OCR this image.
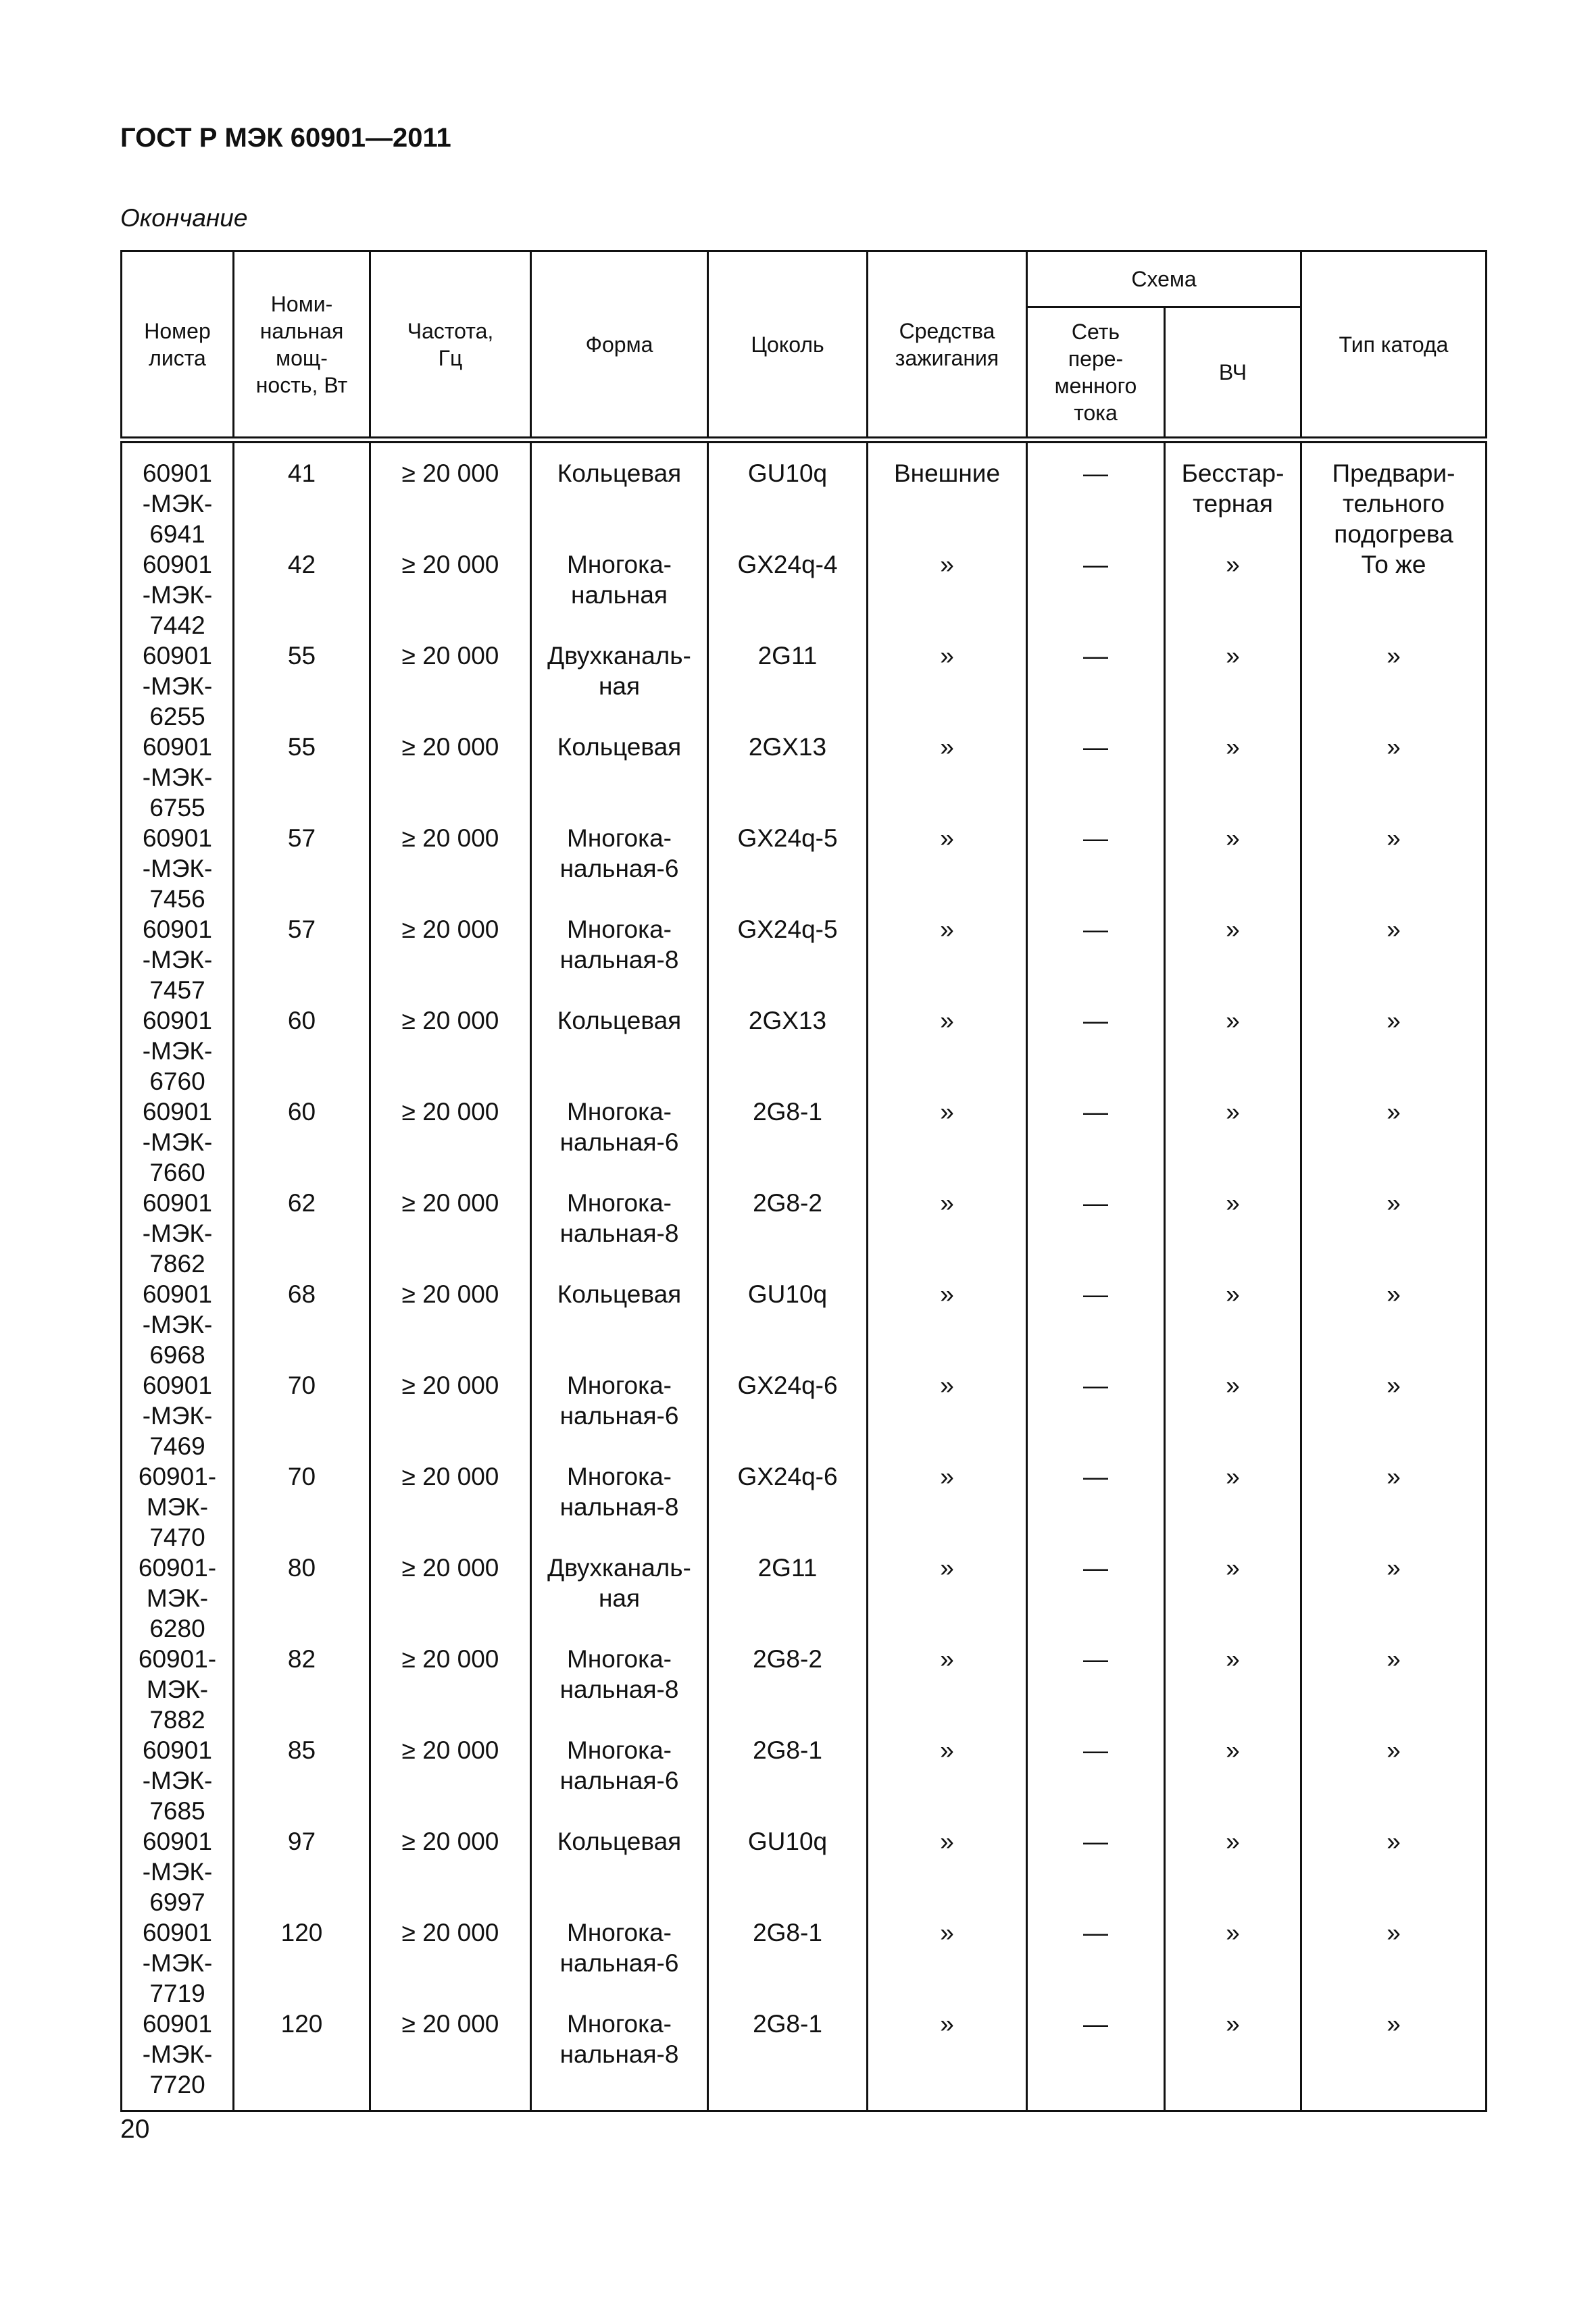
ГОСТ Р МЭК 60901—2011
Окончание
Номер
листа	Номи-
нальная
мощ-
ность, Вт	Частота,
Гц	Форма	Цоколь	Средства
зажигания	Схема		Тип катода

						Сеть
пере-
менного
тока	ВЧ	

60901
-МЭК-
6941	41	≥ 20 000	Кольцевая	GU10q	Внешние	—	Бесстар-
терная	Предвари-
тельного
подогрева

60901
-МЭК-
7442	42	≥ 20 000	Многока-
нальная	GX24q-4	»	—	»	То же

60901
-МЭК-
6255	55	≥ 20 000	Двухканаль-
ная	2G11	»	—	»	»

60901
-МЭК-
6755	55	≥ 20 000	Кольцевая	2GX13	»	—	»	»

60901
-МЭК-
7456	57	≥ 20 000	Многока-
нальная-6	GX24q-5	»	—	»	»

60901
-МЭК-
7457	57	≥ 20 000	Многока-
нальная-8	GX24q-5	»	—	»	»

60901
-МЭК-
6760	60	≥ 20 000	Кольцевая	2GX13	»	—	»	»

60901
-МЭК-
7660	60	≥ 20 000	Многока-
нальная-6	2G8-1	»	—	»	»

60901
-МЭК-
7862	62	≥ 20 000	Многока-
нальная-8	2G8-2	»	—	»	»

60901
-МЭК-
6968	68	≥ 20 000	Кольцевая	GU10q	»	—	»	»

60901
-МЭК-
7469	70	≥ 20 000	Многока-
нальная-6	GX24q-6	»	—	»	»

60901-
МЭК-
7470	70	≥ 20 000	Многока-
нальная-8	GX24q-6	»	—	»	»

60901-
МЭК-
6280	80	≥ 20 000	Двухканаль-
ная	2G11	»	—	»	»

60901-
МЭК-
7882	82	≥ 20 000	Многока-
нальная-8	2G8-2	»	—	»	»

60901
-МЭК-
7685	85	≥ 20 000	Многока-
нальная-6	2G8-1	»	—	»	»

60901
-МЭК-
6997	97	≥ 20 000	Кольцевая	GU10q	»	—	»	»

60901
-МЭК-
7719	120	≥ 20 000	Многока-
нальная-6	2G8-1	»	—	»	»

60901
-МЭК-
7720	120	≥ 20 000	Многока-
нальная-8	2G8-1	»	—	»	»
20
